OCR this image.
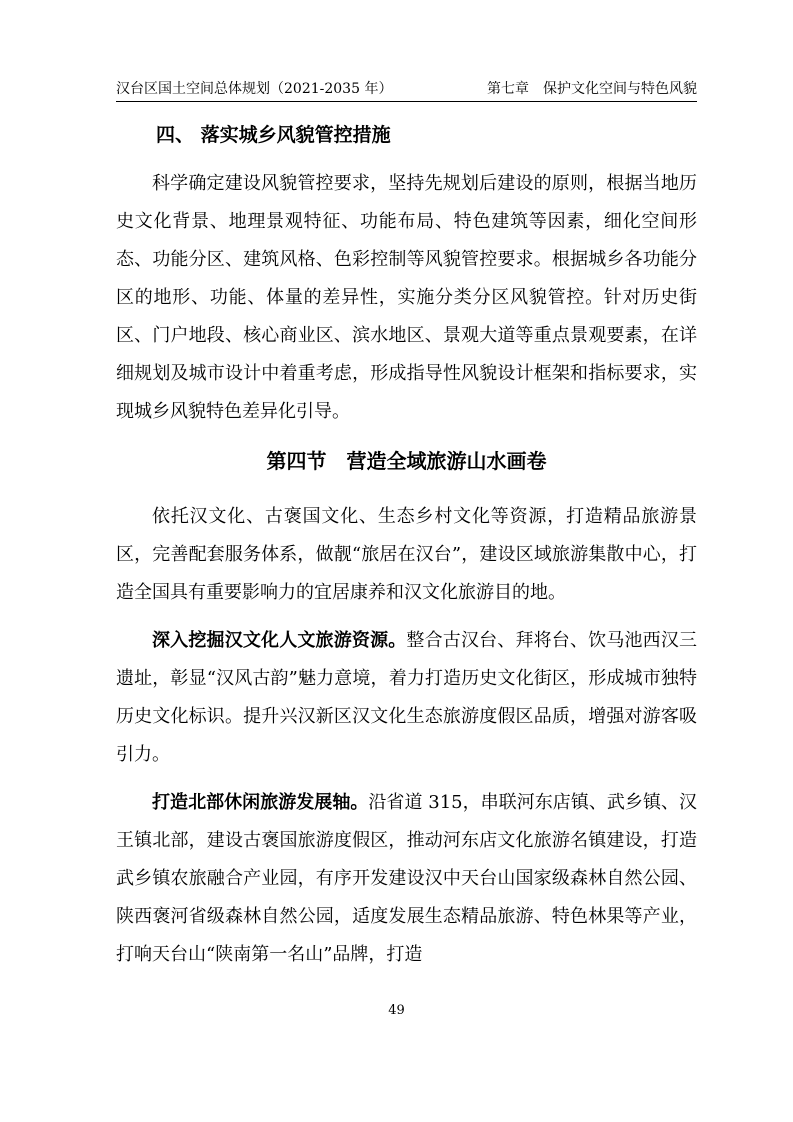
汉台区国土空间总体规划（2021-2035 年）	第七章　保护文化空间与特色风貌
四、 落实城乡风貌管控措施

科学确定建设风貌管控要求，坚持先规划后建设的原则，根据当地历史文化背景、地理景观特征、功能布局、特色建筑等因素，细化空间形态、功能分区、建筑风格、色彩控制等风貌管控要求。根据城乡各功能分区的地形、功能、体量的差异性，实施分类分区风貌管控。针对历史街区、门户地段、核心商业区、滨水地区、景观大道等重点景观要素，在详细规划及城市设计中着重考虑，形成指导性风貌设计框架和指标要求，实现城乡风貌特色差异化引导。

第四节　营造全域旅游山水画卷

依托汉文化、古褒国文化、生态乡村文化等资源，打造精品旅游景区，完善配套服务体系，做靓“旅居在汉台”，建设区域旅游集散中心，打造全国具有重要影响力的宜居康养和汉文化旅游目的地。

深入挖掘汉文化人文旅游资源。整合古汉台、拜将台、饮马池西汉三遗址，彰显“汉风古韵”魅力意境，着力打造历史文化街区，形成城市独特历史文化标识。提升兴汉新区汉文化生态旅游度假区品质，增强对游客吸引力。

打造北部休闲旅游发展轴。沿省道 315，串联河东店镇、武乡镇、汉王镇北部，建设古褒国旅游度假区，推动河东店文化旅游名镇建设，打造武乡镇农旅融合产业园，有序开发建设汉中天台山国家级森林自然公园、陕西褒河省级森林自然公园，适度发展生态精品旅游、特色林果等产业，打响天台山“陕南第一名山”品牌，打造

49
